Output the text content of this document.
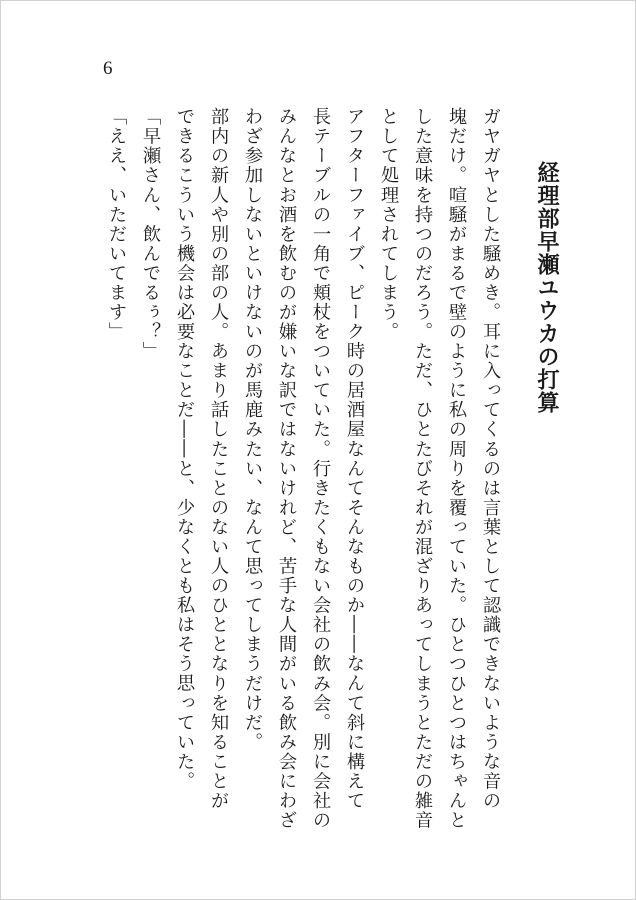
6
経理部早瀬ユウカの打算
ガヤガヤとした騒めき。耳に入ってくるのは言葉として認識できないような音の
塊だけ。喧騒がまるで壁のように私の周りを覆っていた。ひとつひとつはちゃんと
した意味を持つのだろう。ただ、ひとたびそれが混ざりあってしまうとただの雑音
として処理されてしまう。
アフターファイブ、ピーク時の居酒屋なんてそんなものか――なんて斜に構えて
長テーブルの一角で頬杖をついていた。行きたくもない会社の飲み会。別に会社の
みんなとお酒を飲むのが嫌いな訳ではないけれど、苦手な人間がいる飲み会にわざ
わざ参加しないといけないのが馬鹿みたい、なんて思ってしまうだけだ。
部内の新人や別の部の人。あまり話したことのない人のひととなりを知ることが
できるこういう機会は必要なことだ――と、少なくとも私はそう思っていた。
「早瀬さん、飲んでるぅ？」
「ええ、いただいてます」
